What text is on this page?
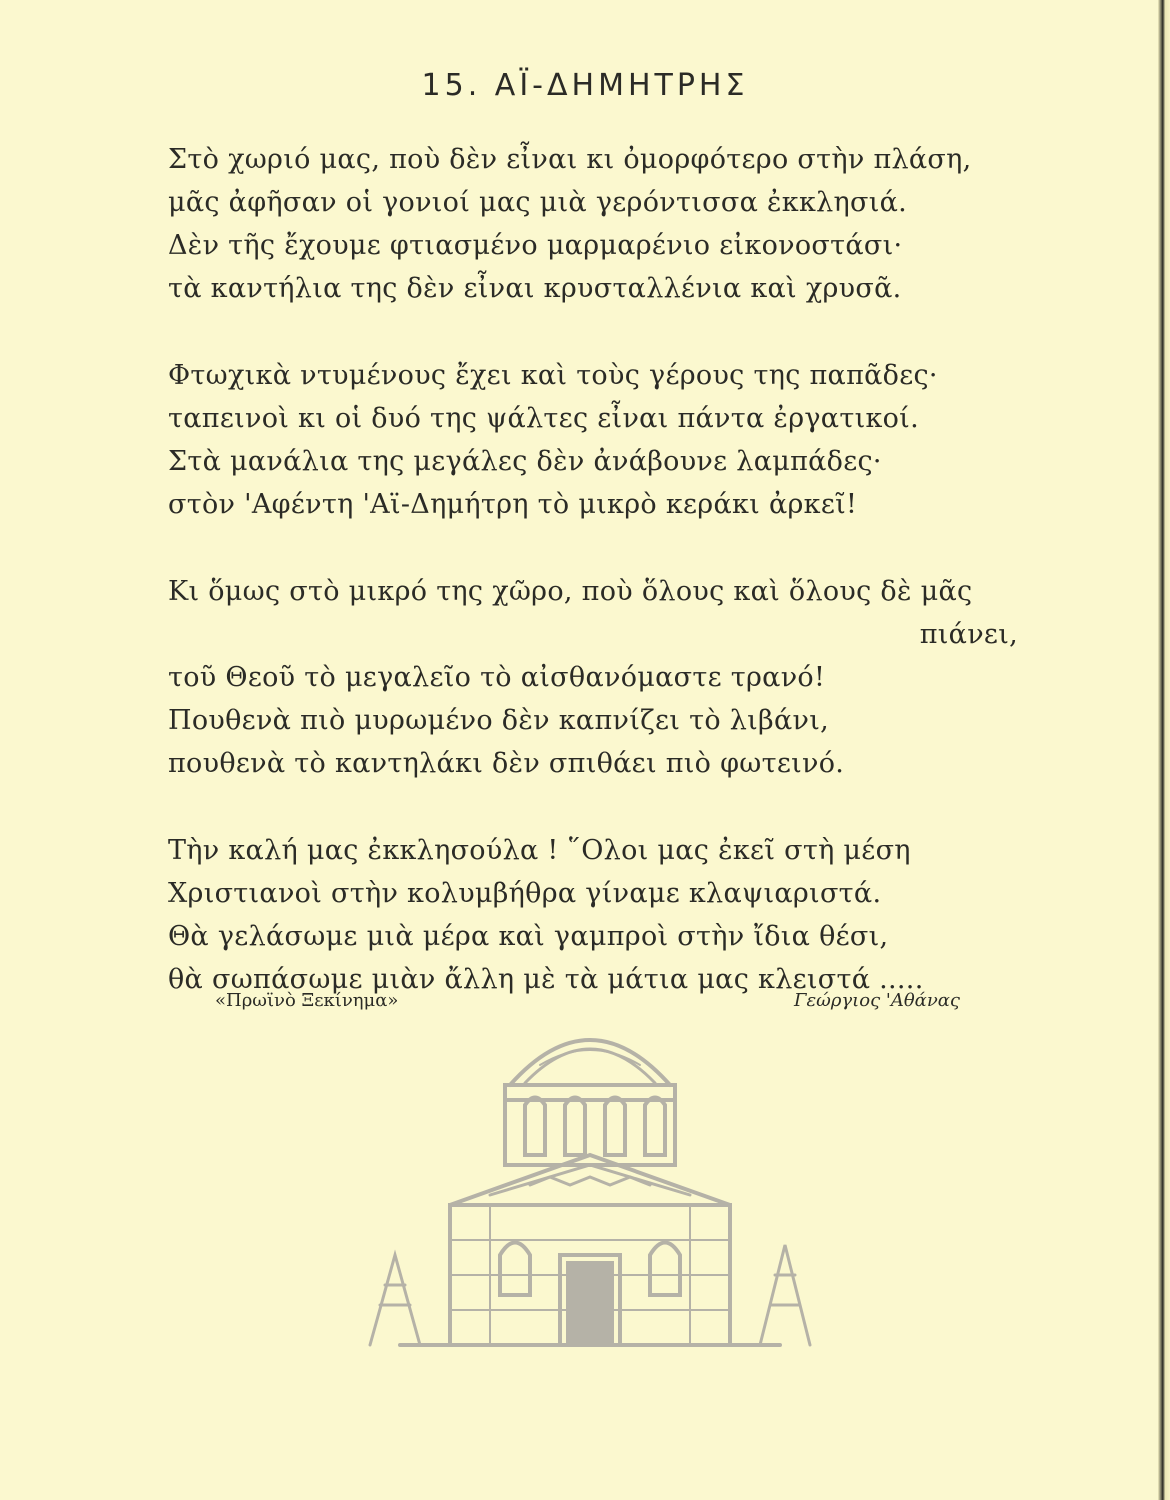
15. ΑΪ-ΔΗΜΗΤΡΗΣ
Στὸ χωριό μας, ποὺ δὲν εἶναι κι ὀμορφότερο στὴν πλάση,
μᾶς ἀφῆσαν οἱ γονιοί μας μιὰ γερόντισσα ἐκκλησιά.
Δὲν τῆς ἔχουμε φτιασμένο μαρμαρένιο εἰκονοστάσι·
τὰ καντήλια της δὲν εἶναι κρυσταλλένια καὶ χρυσᾶ.
Φτωχικὰ ντυμένους ἔχει καὶ τοὺς γέρους της παπᾶδες·
ταπεινοὶ κι οἱ δυό της ψάλτες εἶναι πάντα ἐργατικοί.
Στὰ μανάλια της μεγάλες δὲν ἀνάβουνε λαμπάδες·
στὸν 'Αφέντη 'Αϊ-Δημήτρη τὸ μικρὸ κεράκι ἀρκεῖ!
Κι ὅμως στὸ μικρό της χῶρο, ποὺ ὅλους καὶ ὅλους δὲ μᾶς
πιάνει,
τοῦ Θεοῦ τὸ μεγαλεῖο τὸ αἰσθανόμαστε τρανό!
Πουθενὰ πιὸ μυρωμένο δὲν καπνίζει τὸ λιβάνι,
πουθενὰ τὸ καντηλάκι δὲν σπιθάει πιὸ φωτεινό.
Τὴν καλή μας ἐκκλησούλα ! ῞Ολοι μας ἐκεῖ στὴ μέση
Χριστιανοὶ στὴν κολυμβήθρα γίναμε κλαψιαριστά.
Θὰ γελάσωμε μιὰ μέρα καὶ γαμπροὶ στὴν ἴδια θέσι,
θὰ σωπάσωμε μιὰν ἄλλη μὲ τὰ μάτια μας κλειστά .....
«Πρωϊνὸ Ξεκίνημα»	Γεώργιος 'Αθάνας
